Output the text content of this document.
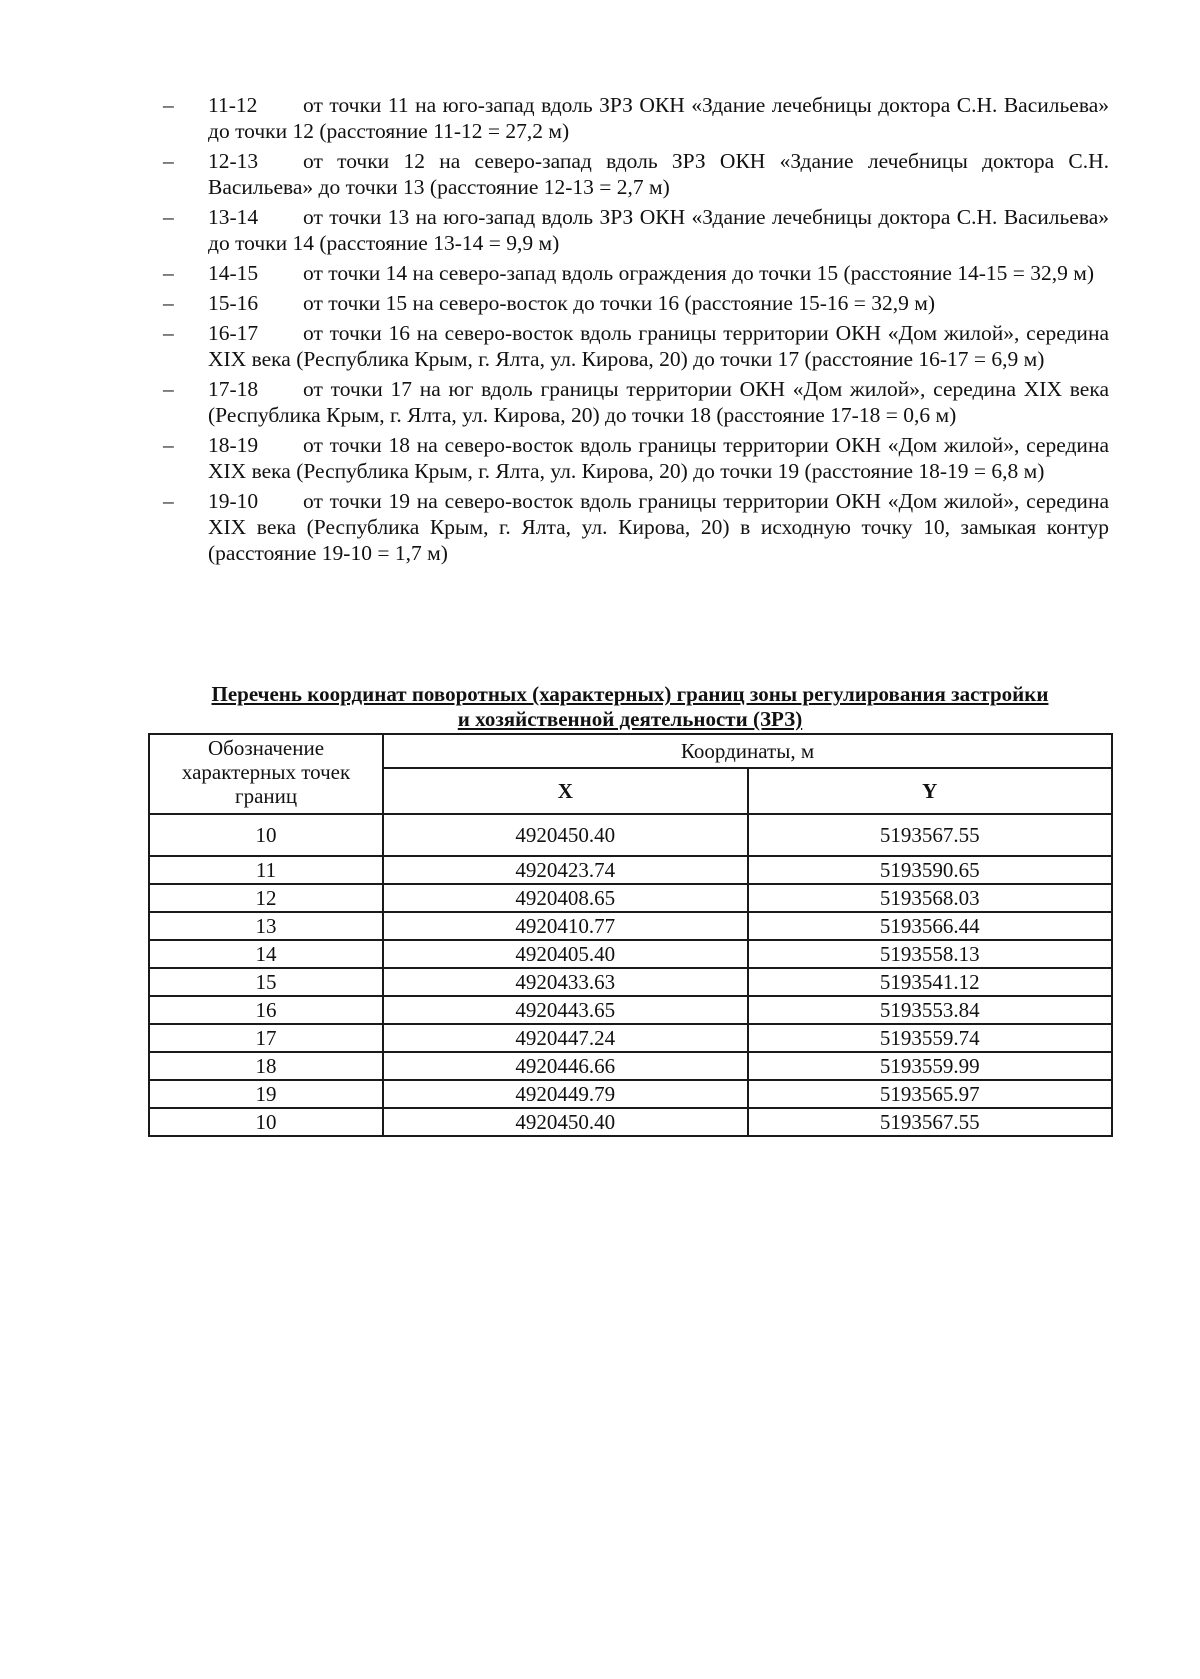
– 11-12 от точки 11 на юго-запад вдоль ЗРЗ ОКН «Здание лечебницы доктора С.Н. Васильева» до точки 12 (расстояние 11-12 = 27,2 м)
– 12-13 от точки 12 на северо-запад вдоль ЗРЗ ОКН «Здание лечебницы доктора С.Н. Васильева» до точки 13 (расстояние 12-13 = 2,7 м)
– 13-14 от точки 13 на юго-запад вдоль ЗРЗ ОКН «Здание лечебницы доктора С.Н. Васильева» до точки 14 (расстояние 13-14 = 9,9 м)
– 14-15 от точки 14 на северо-запад вдоль ограждения до точки 15 (расстояние 14-15 = 32,9 м)
– 15-16 от точки 15 на северо-восток до точки 16 (расстояние 15-16 = 32,9 м)
– 16-17 от точки 16 на северо-восток вдоль границы территории ОКН «Дом жилой», середина XIX века (Республика Крым, г. Ялта, ул. Кирова, 20) до точки 17 (расстояние 16-17 = 6,9 м)
– 17-18 от точки 17 на юг вдоль границы территории ОКН «Дом жилой», середина XIX века (Республика Крым, г. Ялта, ул. Кирова, 20) до точки 18 (расстояние 17-18 = 0,6 м)
– 18-19 от точки 18 на северо-восток вдоль границы территории ОКН «Дом жилой», середина XIX века (Республика Крым, г. Ялта, ул. Кирова, 20) до точки 19 (расстояние 18-19 = 6,8 м)
– 19-10 от точки 19 на северо-восток вдоль границы территории ОКН «Дом жилой», середина XIX века (Республика Крым, г. Ялта, ул. Кирова, 20) в исходную точку 10, замыкая контур (расстояние 19-10 = 1,7 м)
Перечень координат поворотных (характерных) границ зоны регулирования застройки
и хозяйственной деятельности (ЗРЗ)
Обозначение характерных точек границ	Координаты, м	
	X	Y
10	4920450.40	5193567.55
11	4920423.74	5193590.65
12	4920408.65	5193568.03
13	4920410.77	5193566.44
14	4920405.40	5193558.13
15	4920433.63	5193541.12
16	4920443.65	5193553.84
17	4920447.24	5193559.74
18	4920446.66	5193559.99
19	4920449.79	5193565.97
10	4920450.40	5193567.55
